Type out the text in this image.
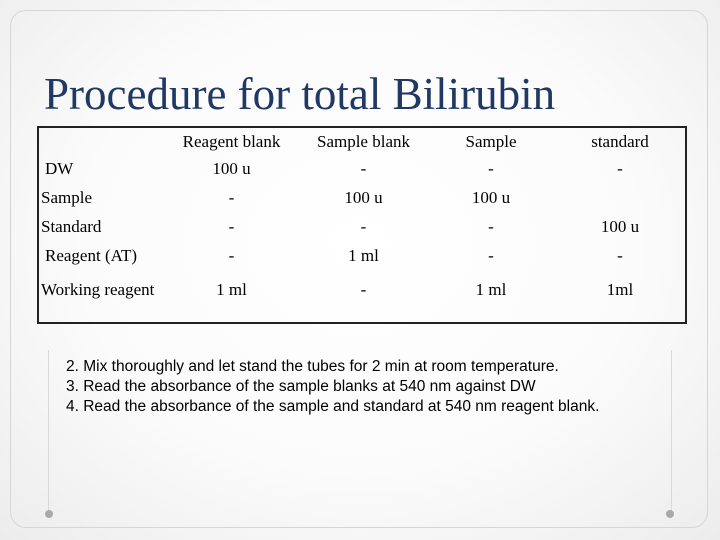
Procedure for total Bilirubin
	Reagent blank	Sample blank	Sample	standard
DW	100 u	-	-	-
Sample	-	100 u	100 u	
Standard	-	-	-	100 u
Reagent (AT)	-	1 ml	-	-
Working reagent	1 ml	-	1 ml	1ml
2. Mix thoroughly and let stand the tubes for 2 min at room temperature.
3. Read the absorbance of the sample blanks at 540 nm against DW
4. Read the absorbance of the sample and standard at 540 nm reagent blank.
